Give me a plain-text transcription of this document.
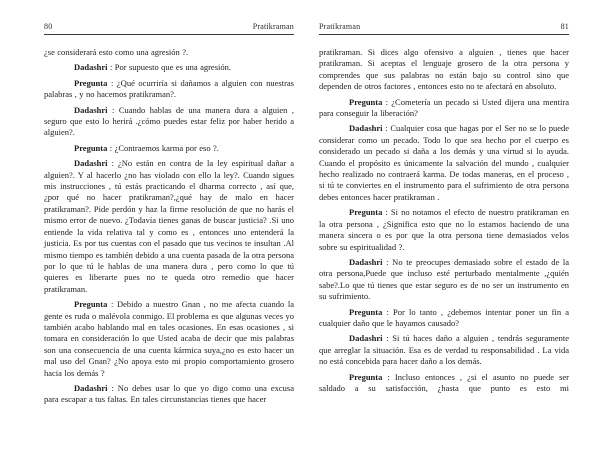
80	Pratikraman

¿se considerará esto como una agresión ?.

Dadashri : Por supuesto que es una agresión.

Pregunta : ¿Qué ocurriría si dañamos a alguien con nuestras palabras , y no hacemos pratikraman?.

Dadashri : Cuando hablas de una manera dura a alguien , seguro que esto lo herirá .¿cómo puedes estar feliz por haber herido a alguien?.

Pregunta : ¿Contraemos karma por eso ?.

Dadashri : ¿No están en contra de la ley espiritual dañar a alguien?. Y al hacerlo ¿no has violado con ello la ley?. Cuando sigues mis instrucciones , tú estás practicando el dharma correcto , así que, ¿por qué no hacer pratikraman?,¿qué hay de malo en hacer pratikraman?. Pide perdón y haz la firme resolución de que no harás el mismo error de nuevo. ¿Todavía tienes ganas de buscar justicia? .Si uno entiende la vida relativa tal y como es , entonces uno entenderá la justicia. Es por tus cuentas con el pasado que tus vecinos te insultan .Al mismo tiempo es también debido a una cuenta pasada de la otra persona por lo que tú le hablas de una manera dura , pero como lo que tú quieres es liberarte pues no te queda otro remedio que hacer pratikraman.

Pregunta : Debido a nuestro Gnan , no me afecta cuando la gente es ruda o malévola conmigo. El problema es que algunas veces yo también acabo hablando mal en tales ocasiones. En esas ocasiones , si tomara en consideración lo que Usted acaba de decir que mis palabras son una consecuencia de una cuenta kármica suya,¿no es esto hacer un mal uso del Gnan? ¿No apoya esto mi propio comportamiento grosero hacia los demás ?

Dadashri : No debes usar lo que yo digo como una excusa para escapar a tus faltas. En tales circunstancias tienes que hacer

Pratikraman	81

pratikraman. Si dices algo ofensivo a alguien , tienes que hacer pratikraman. Si aceptas el lenguaje grosero de la otra persona y comprendes que sus palabras no están bajo su control sino que dependen de otros factores , entonces esto no te afectará en absoluto.

Pregunta : ¿Cometería un pecado si Usted dijera una mentira para conseguir la liberación?

Dadashri : Cualquier cosa que hagas por el Ser no se lo puede considerar como un pecado. Todo lo que sea hecho por el cuerpo es considerado un pecado si daña a los demás y una virtud si lo ayuda. Cuando el propósito es únicamente la salvación del mundo , cualquier hecho realizado no contraerá karma. De todas maneras, en el proceso , si tú te conviertes en el instrumento para el sufrimiento de otra persona debes entonces hacer pratikraman .

Pregunta : Si no notamos el efecto de nuestro pratikraman en la otra persona , ¿Significa esto que no lo estamos haciendo de una manera sincera o es por que la otra persona tiene demasiados velos sobre su espiritualidad ?.

Dadashri : No te preocupes demasiado sobre el estado de la otra persona,Puede que incluso esté perturbado mentalmente ,¿quién sabe?.Lo que tú tienes que estar seguro es de no ser un instrumento en su sufrimiento.

Pregunta : Por lo tanto , ¿debemos intentar poner un fin a cualquier daño que le hayamos causado?

Dadashri : Si tú haces daño a alguien , tendrás seguramente que arreglar la situación. Esa es de verdad tu responsabilidad . La vida no está concebida para hacer daño a los demás.

Pregunta : Incluso entonces , ¿si el asunto no puede ser saldado a su satisfacción, ¿hasta que punto es esto mi
